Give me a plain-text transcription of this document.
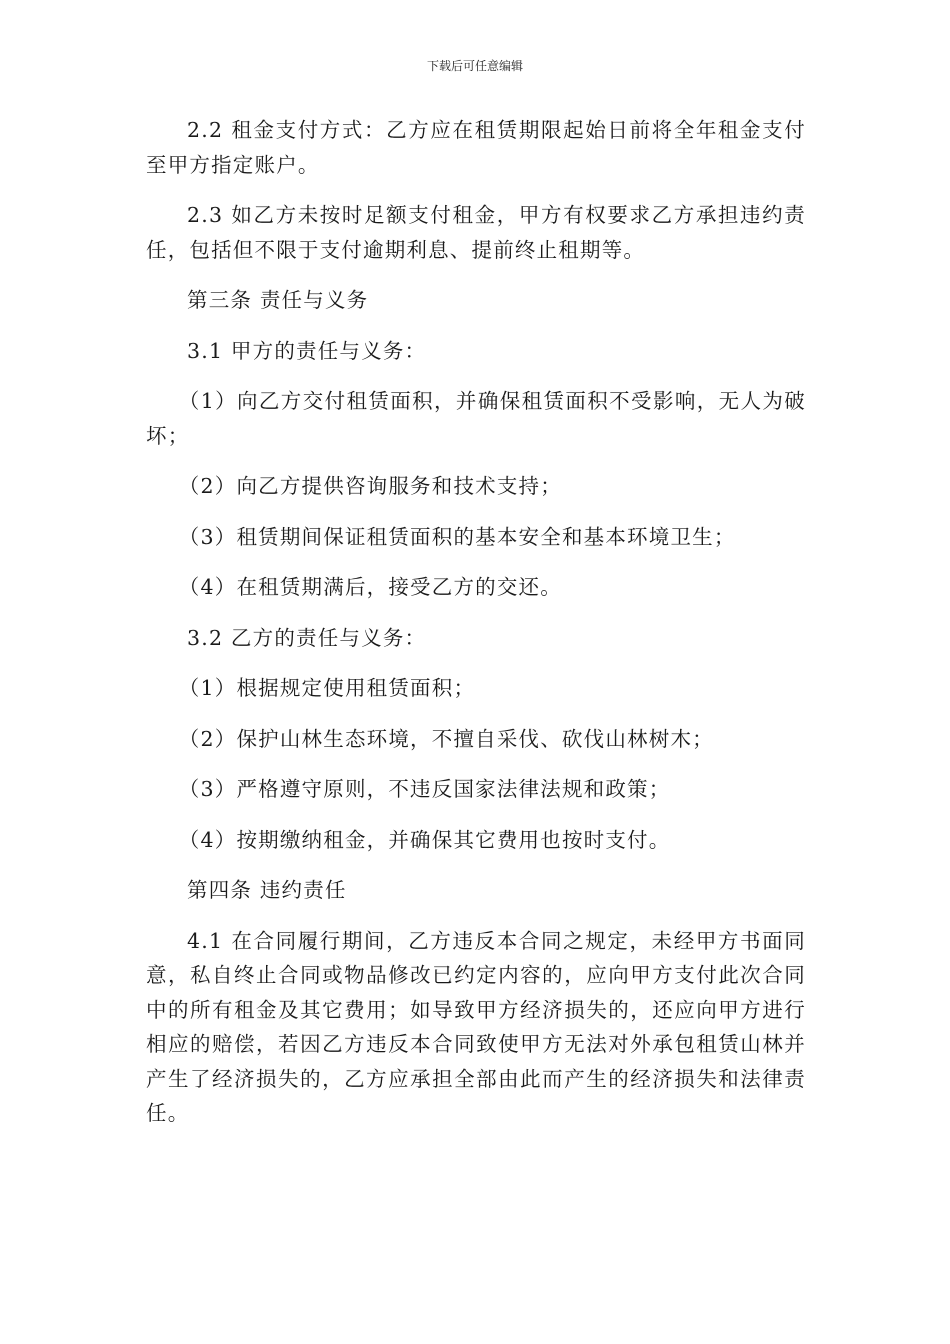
下载后可任意编辑

2.2 租金支付方式：乙方应在租赁期限起始日前将全年租金支付至甲方指定账户。

2.3 如乙方未按时足额支付租金，甲方有权要求乙方承担违约责任，包括但不限于支付逾期利息、提前终止租期等。

第三条 责任与义务

3.1 甲方的责任与义务：

（1）向乙方交付租赁面积，并确保租赁面积不受影响，无人为破坏；

（2）向乙方提供咨询服务和技术支持；

（3）租赁期间保证租赁面积的基本安全和基本环境卫生；

（4）在租赁期满后，接受乙方的交还。

3.2 乙方的责任与义务：

（1）根据规定使用租赁面积；

（2）保护山林生态环境，不擅自采伐、砍伐山林树木；

（3）严格遵守原则，不违反国家法律法规和政策；

（4）按期缴纳租金，并确保其它费用也按时支付。

第四条 违约责任

4.1 在合同履行期间，乙方违反本合同之规定，未经甲方书面同意，私自终止合同或物品修改已约定内容的，应向甲方支付此次合同中的所有租金及其它费用；如导致甲方经济损失的，还应向甲方进行相应的赔偿，若因乙方违反本合同致使甲方无法对外承包租赁山林并产生了经济损失的，乙方应承担全部由此而产生的经济损失和法律责任。
